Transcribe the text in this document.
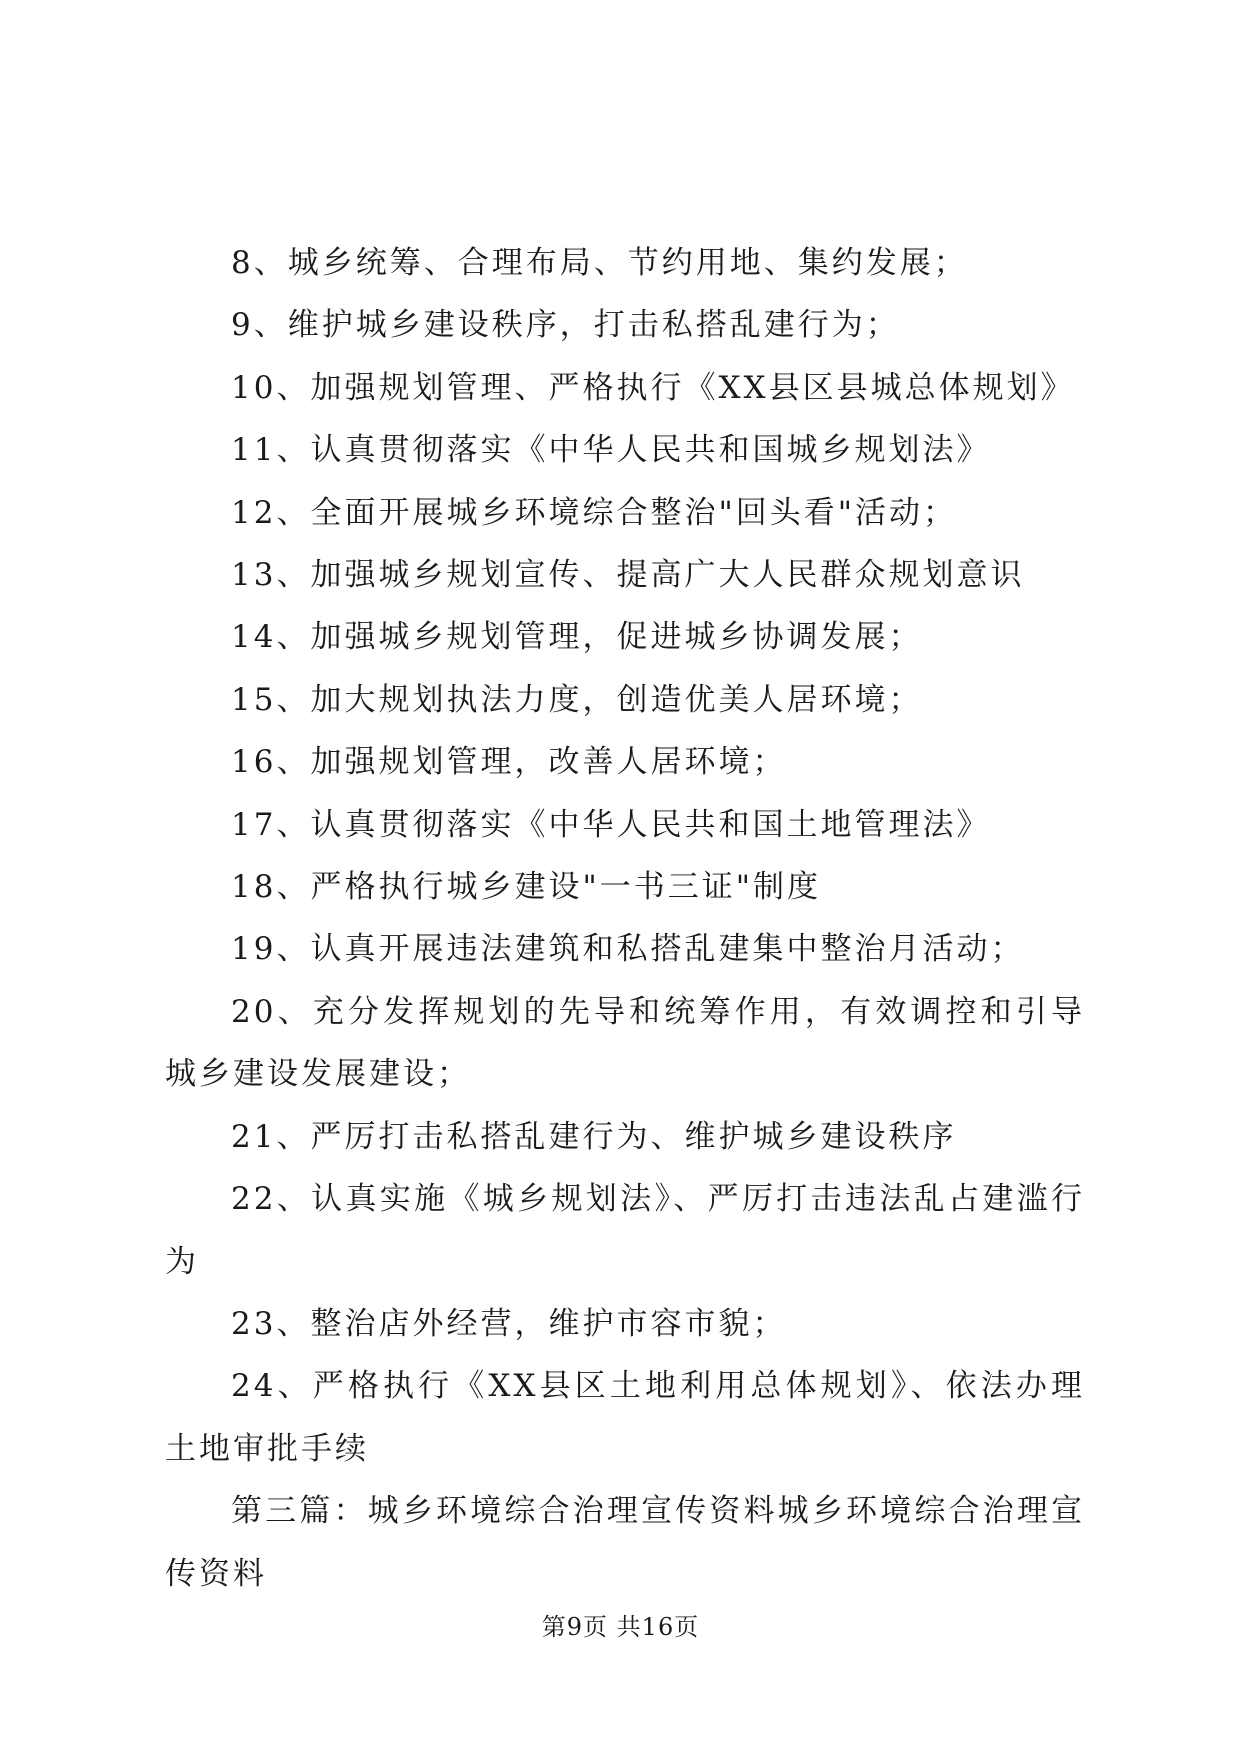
8、城乡统筹、合理布局、节约用地、集约发展；

9、维护城乡建设秩序，打击私搭乱建行为；

10、加强规划管理、严格执行《XX县区县城总体规划》

11、认真贯彻落实《中华人民共和国城乡规划法》

12、全面开展城乡环境综合整治"回头看"活动；

13、加强城乡规划宣传、提高广大人民群众规划意识

14、加强城乡规划管理，促进城乡协调发展；

15、加大规划执法力度，创造优美人居环境；

16、加强规划管理，改善人居环境；

17、认真贯彻落实《中华人民共和国土地管理法》

18、严格执行城乡建设"一书三证"制度

19、认真开展违法建筑和私搭乱建集中整治月活动；

20、充分发挥规划的先导和统筹作用，有效调控和引导城乡建设发展建设；

21、严厉打击私搭乱建行为、维护城乡建设秩序

22、认真实施《城乡规划法》、严厉打击违法乱占建滥行为

23、整治店外经营，维护市容市貌；

24、严格执行《XX县区土地利用总体规划》、依法办理土地审批手续

第三篇：城乡环境综合治理宣传资料城乡环境综合治理宣传资料

第9页 共16页
